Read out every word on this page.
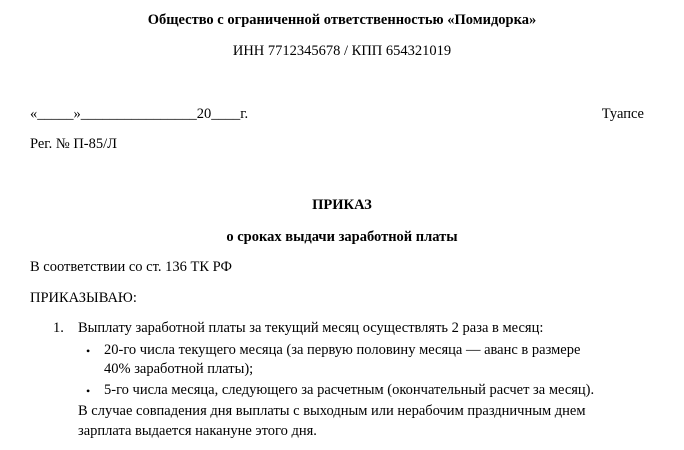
Общество с ограниченной ответственностью «Помидорка»
ИНН 7712345678 / КПП 654321019
«_____»________________20____г.	Туапсе
Рег. № П-85/Л
ПРИКАЗ
о сроках выдачи заработной платы
В соответствии со ст. 136 ТК РФ
ПРИКАЗЫВАЮ:
1. Выплату заработной платы за текущий месяц осуществлять 2 раза в месяц:
• 20-го числа текущего месяца (за первую половину месяца — аванс в размере
40% заработной платы);
• 5-го числа месяца, следующего за расчетным (окончательный расчет за месяц).
В случае совпадения дня выплаты с выходным или нерабочим праздничным днем
зарплата выдается накануне этого дня.
